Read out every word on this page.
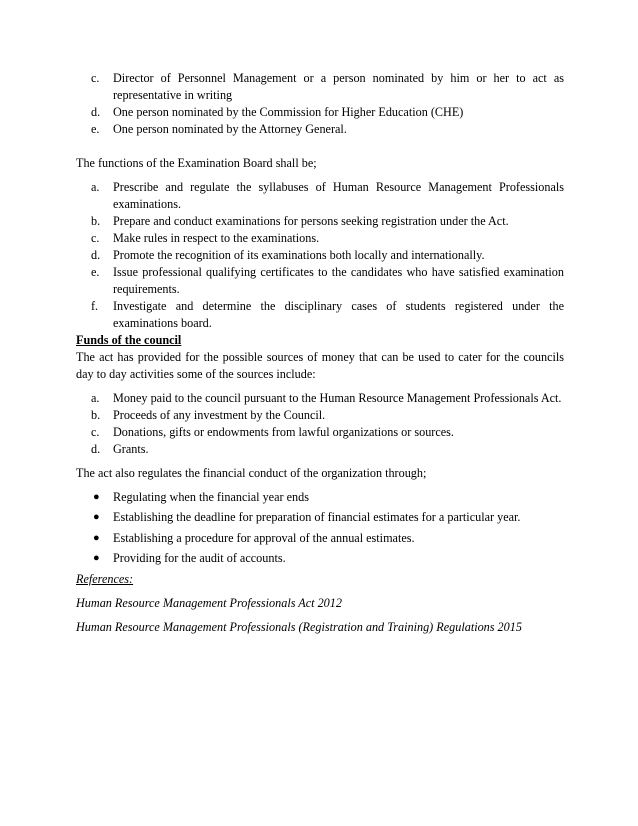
c. Director of Personnel Management or a person nominated by him or her to act as representative in writing
d. One person nominated by the Commission for Higher Education (CHE)
e. One person nominated by the Attorney General.

The functions of the Examination Board shall be;

a. Prescribe and regulate the syllabuses of Human Resource Management Professionals examinations.
b. Prepare and conduct examinations for persons seeking registration under the Act.
c. Make rules in respect to the examinations.
d. Promote the recognition of its examinations both locally and internationally.
e. Issue professional qualifying certificates to the candidates who have satisfied examination requirements.
f. Investigate and determine the disciplinary cases of students registered under the examinations board.

Funds of the council

The act has provided for the possible sources of money that can be used to cater for the councils day to day activities some of the sources include:

a. Money paid to the council pursuant to the Human Resource Management Professionals Act.
b. Proceeds of any investment by the Council.
c. Donations, gifts or endowments from lawful organizations or sources.
d. Grants.

The act also regulates the financial conduct of the organization through;

● Regulating when the financial year ends
● Establishing the deadline for preparation of financial estimates for a particular year.
● Establishing a procedure for approval of the annual estimates.
● Providing for the audit of accounts.

References:

Human Resource Management Professionals Act 2012

Human Resource Management Professionals (Registration and Training) Regulations 2015
